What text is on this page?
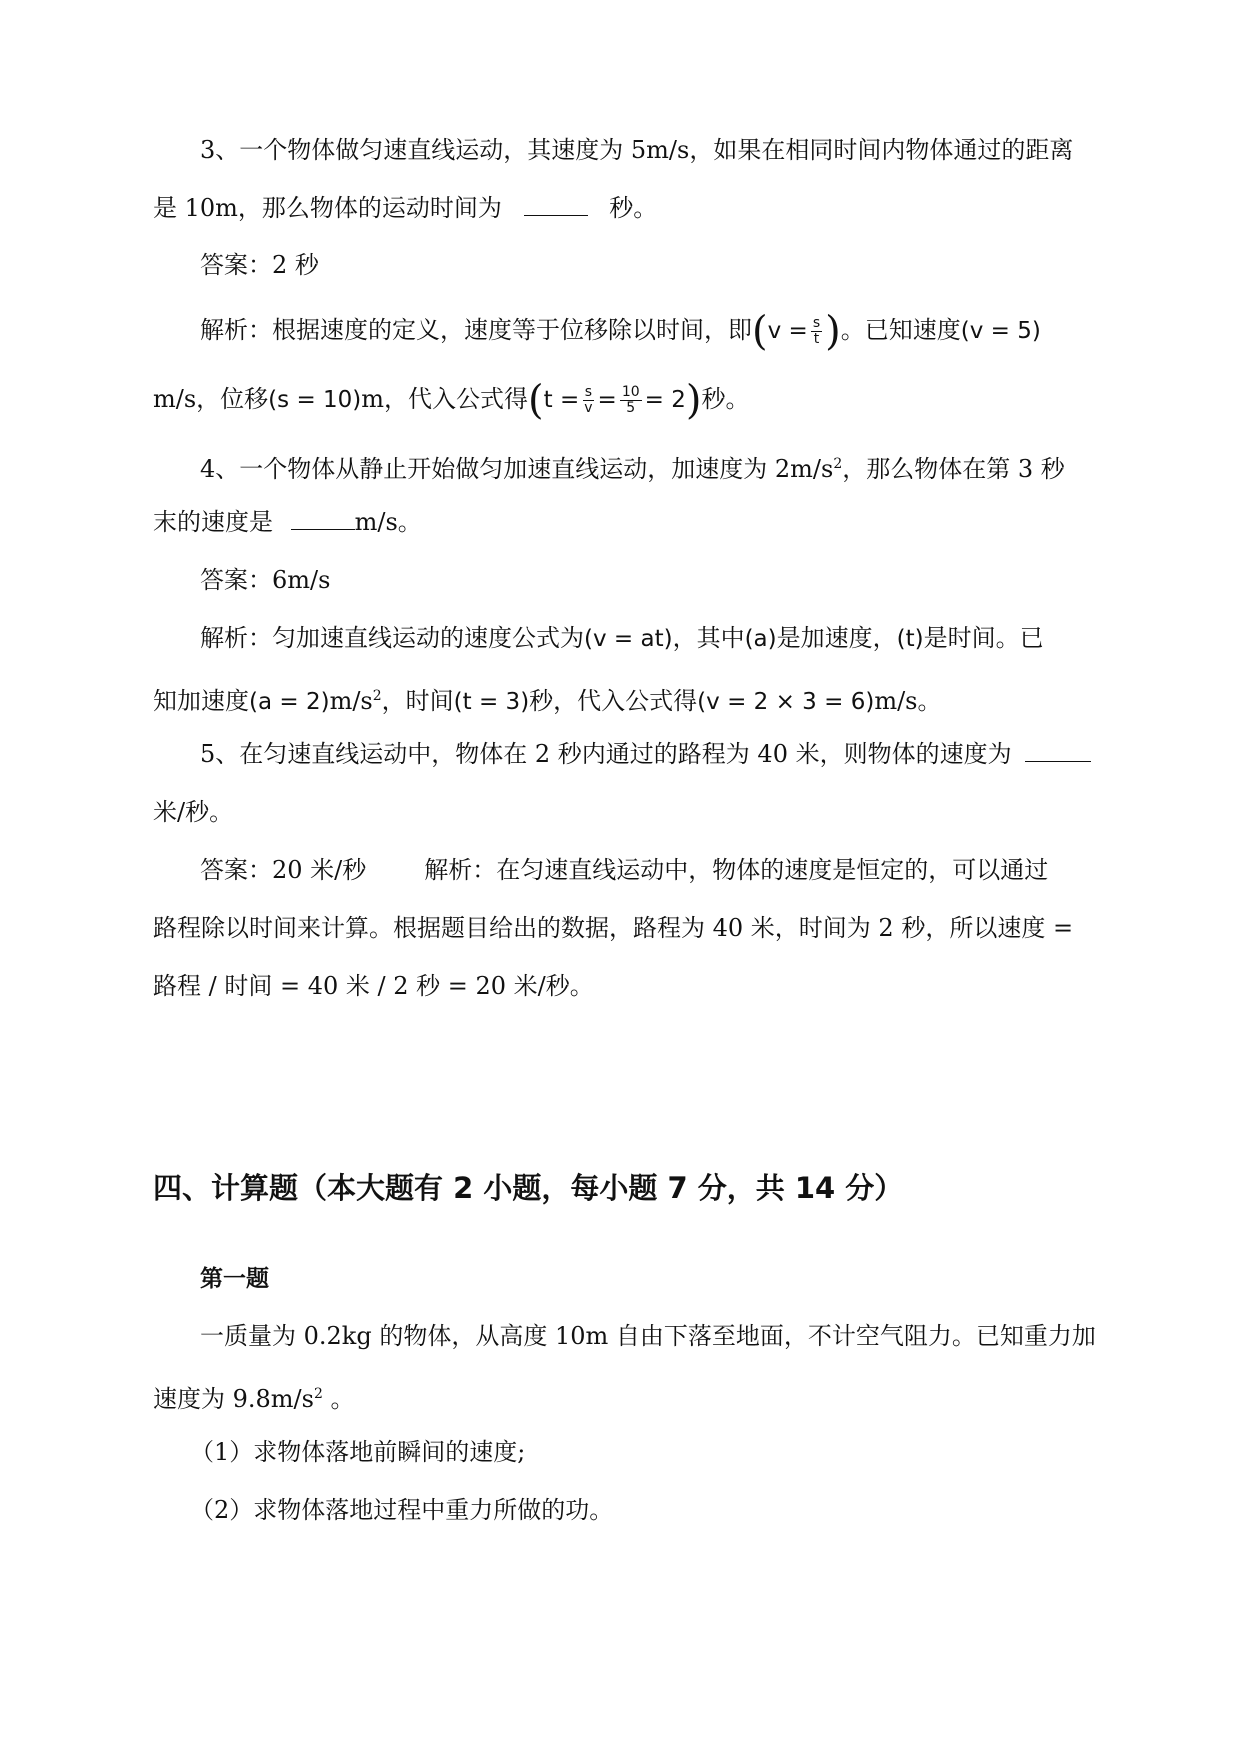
3、一个物体做匀速直线运动，其速度为 5m/s，如果在相同时间内物体通过的距离
是 10m，那么物体的运动时间为	秒。
答案：2 秒
解析：根据速度的定义，速度等于位移除以时间，即($v = \frac{s}{t}$ )。已知速度(v = 5)
m/s，位移(s = 10)m，代入公式得$(t = \frac{s}{v} = \frac{10}{5} = 2)$秒。
4、一个物体从静止开始做匀加速直线运动，加速度为 $2m/s^2$，那么物体在第 3 秒
末的速度是	m/s。
答案：6m/s
解析：匀加速直线运动的速度公式为(v = at)，其中(a)是加速度，(t)是时间。已
知加速度$(a = 2)m/s^2$，时间(t = 3)秒，代入公式得(v = 2 × 3 = 6)m/s。
5、在匀速直线运动中，物体在 2 秒内通过的路程为 40 米，则物体的速度为
米/秒。
答案：20 米/秒 解析：在匀速直线运动中，物体的速度是恒定的，可以通过
路程除以时间来计算。根据题目给出的数据，路程为 40 米，时间为 2 秒，所以速度 =
路程 / 时间 = 40 米 / 2 秒 = 20 米/秒。
四、计算题（本大题有 2 小题，每小题 7 分，共 14 分）
第一题
一质量为 0.2kg 的物体，从高度 10m 自由下落至地面，不计空气阻力。已知重力加
速度为 $9.8m/s^2$ 。
（1）求物体落地前瞬间的速度;
（2）求物体落地过程中重力所做的功。
